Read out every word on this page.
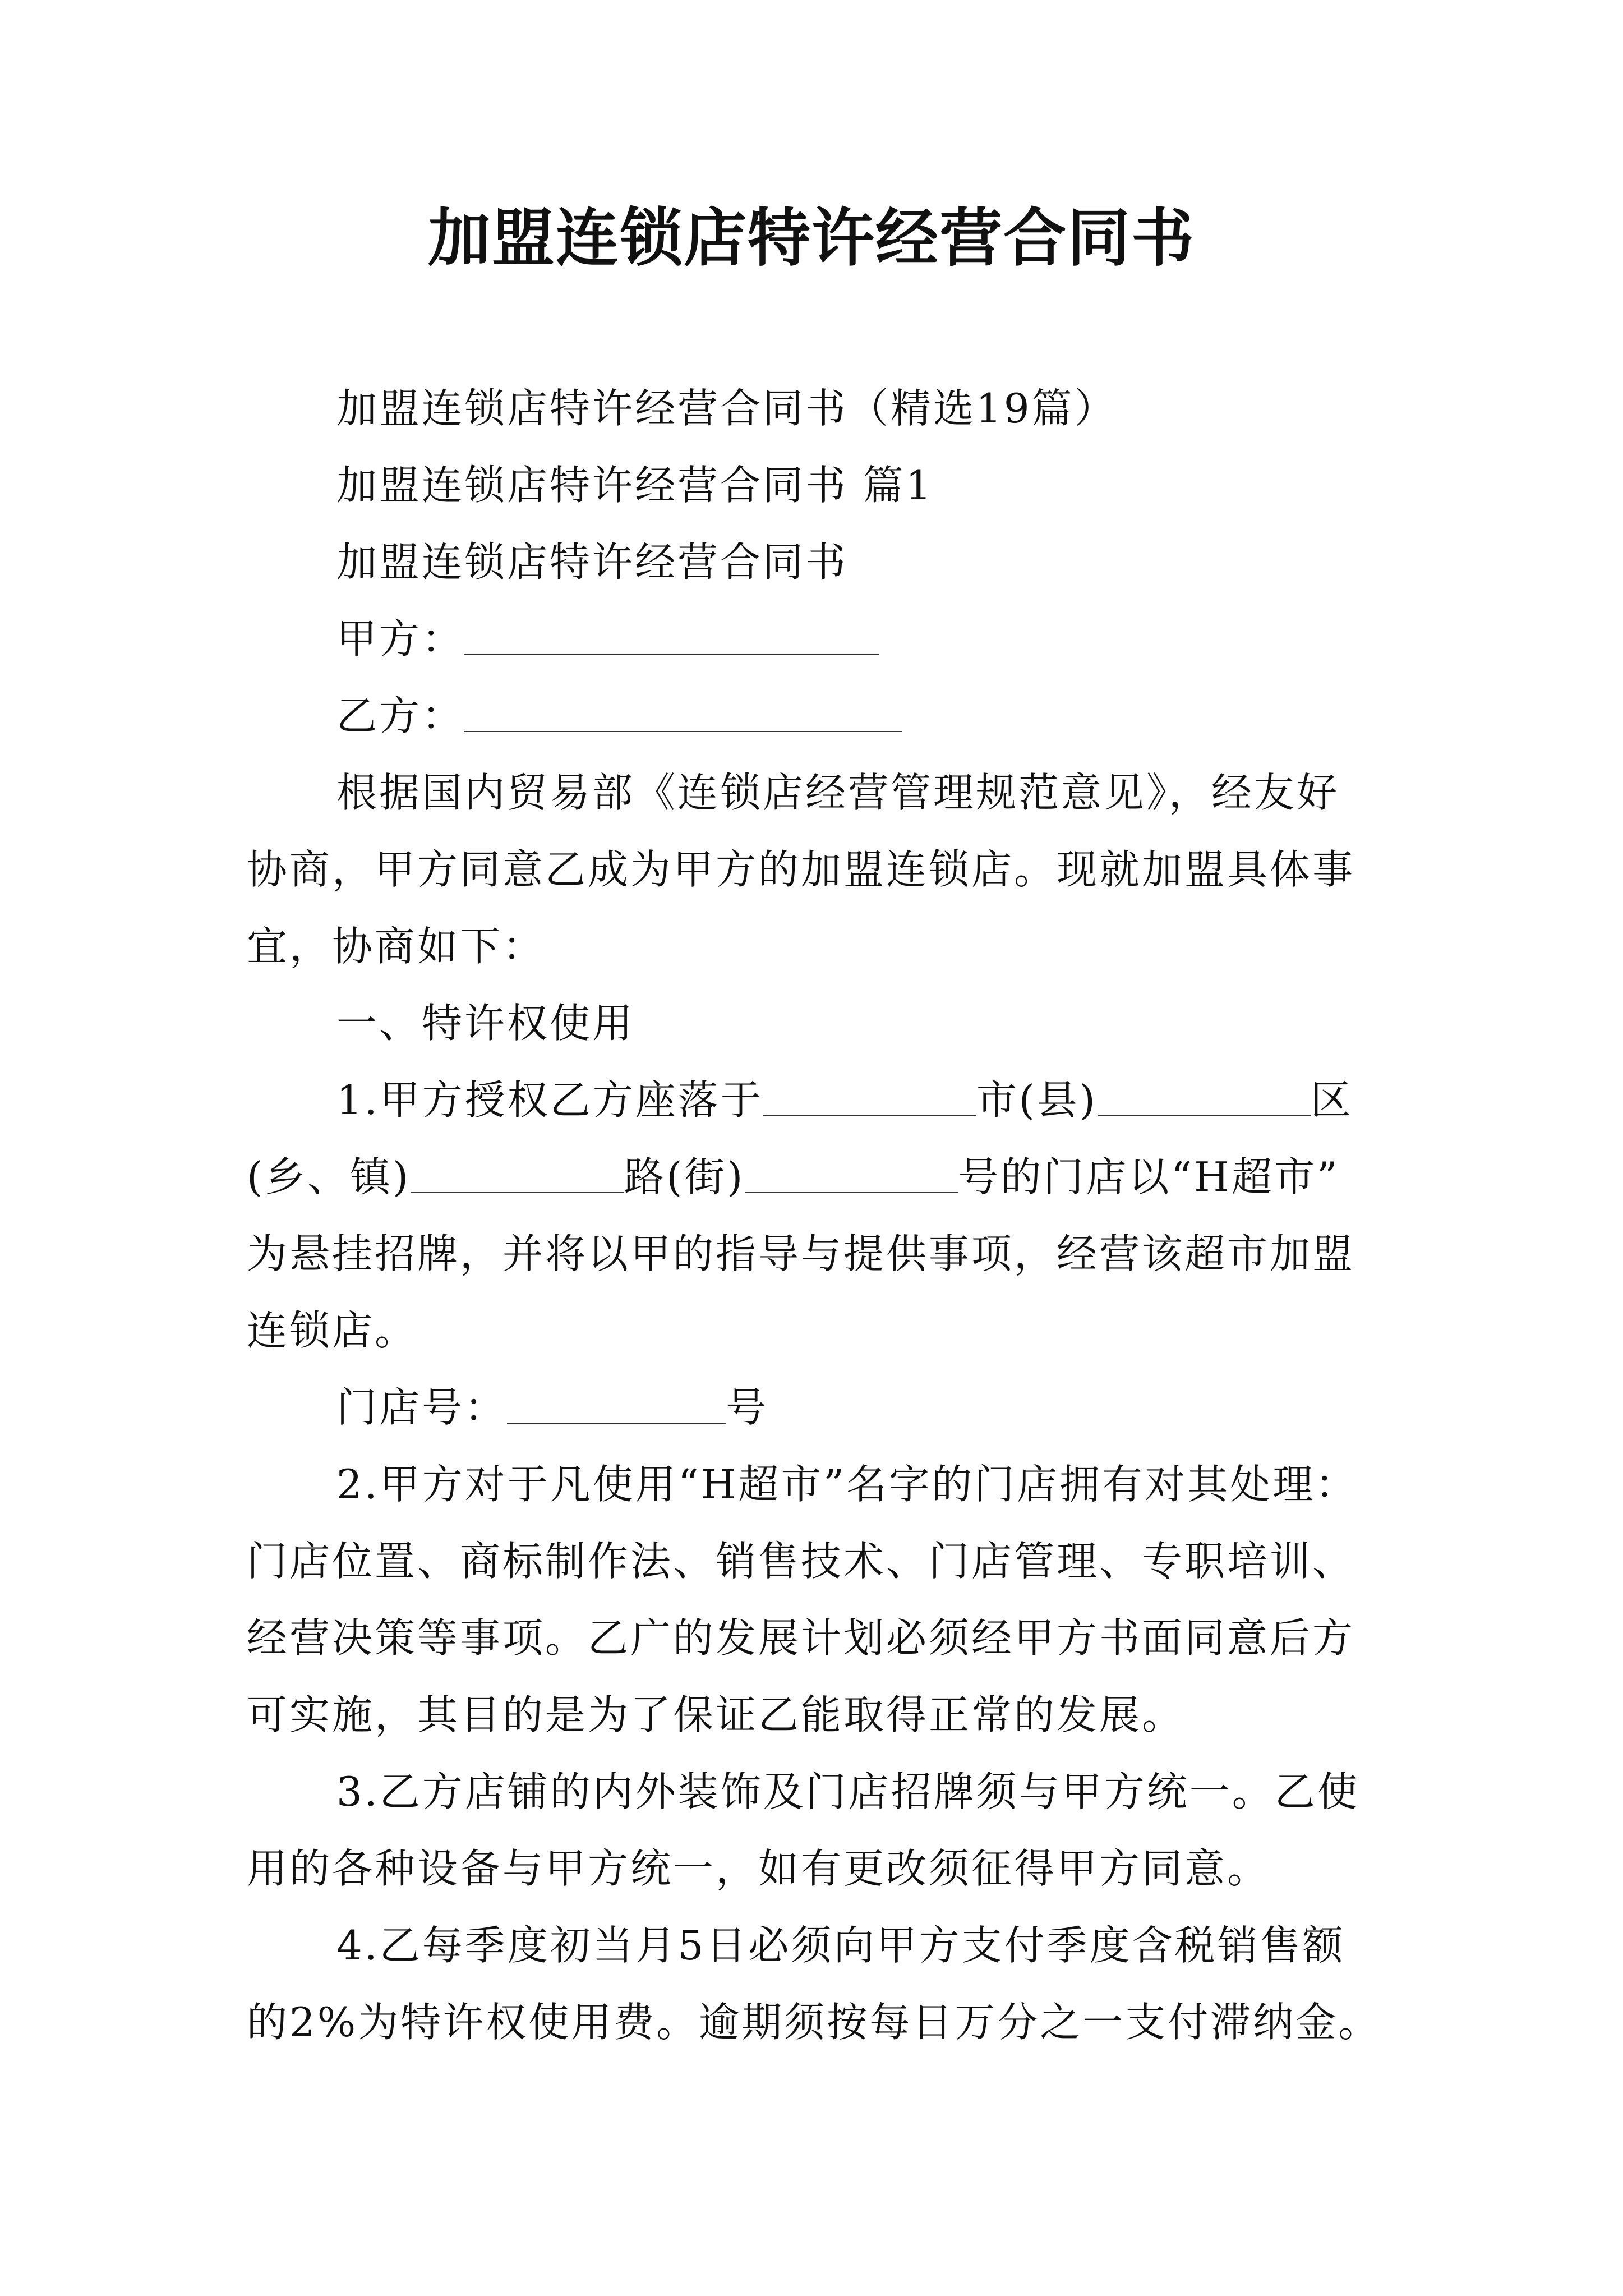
加盟连锁店特许经营合同书
加盟连锁店特许经营合同书（精选19篇）
加盟连锁店特许经营合同书 篇1
加盟连锁店特许经营合同书
甲方：
乙方：
根据国内贸易部《连锁店经营管理规范意见》，经友好
协商，甲方同意乙成为甲方的加盟连锁店。现就加盟具体事
宜，协商如下：
一、特许权使用
1.甲方授权乙方座落于	市(县)	区
(乡、镇)	路(街)	号的门店以“H超市”
为悬挂招牌，并将以甲的指导与提供事项，经营该超市加盟
连锁店。
门店号：	号
2.甲方对于凡使用“H超市”名字的门店拥有对其处理：
门店位置、商标制作法、销售技术、门店管理、专职培训、
经营决策等事项。乙广的发展计划必须经甲方书面同意后方
可实施，其目的是为了保证乙能取得正常的发展。
3.乙方店铺的内外装饰及门店招牌须与甲方统一。乙使
用的各种设备与甲方统一，如有更改须征得甲方同意。
4.乙每季度初当月5日必须向甲方支付季度含税销售额
的2%为特许权使用费。逾期须按每日万分之一支付滞纳金。
